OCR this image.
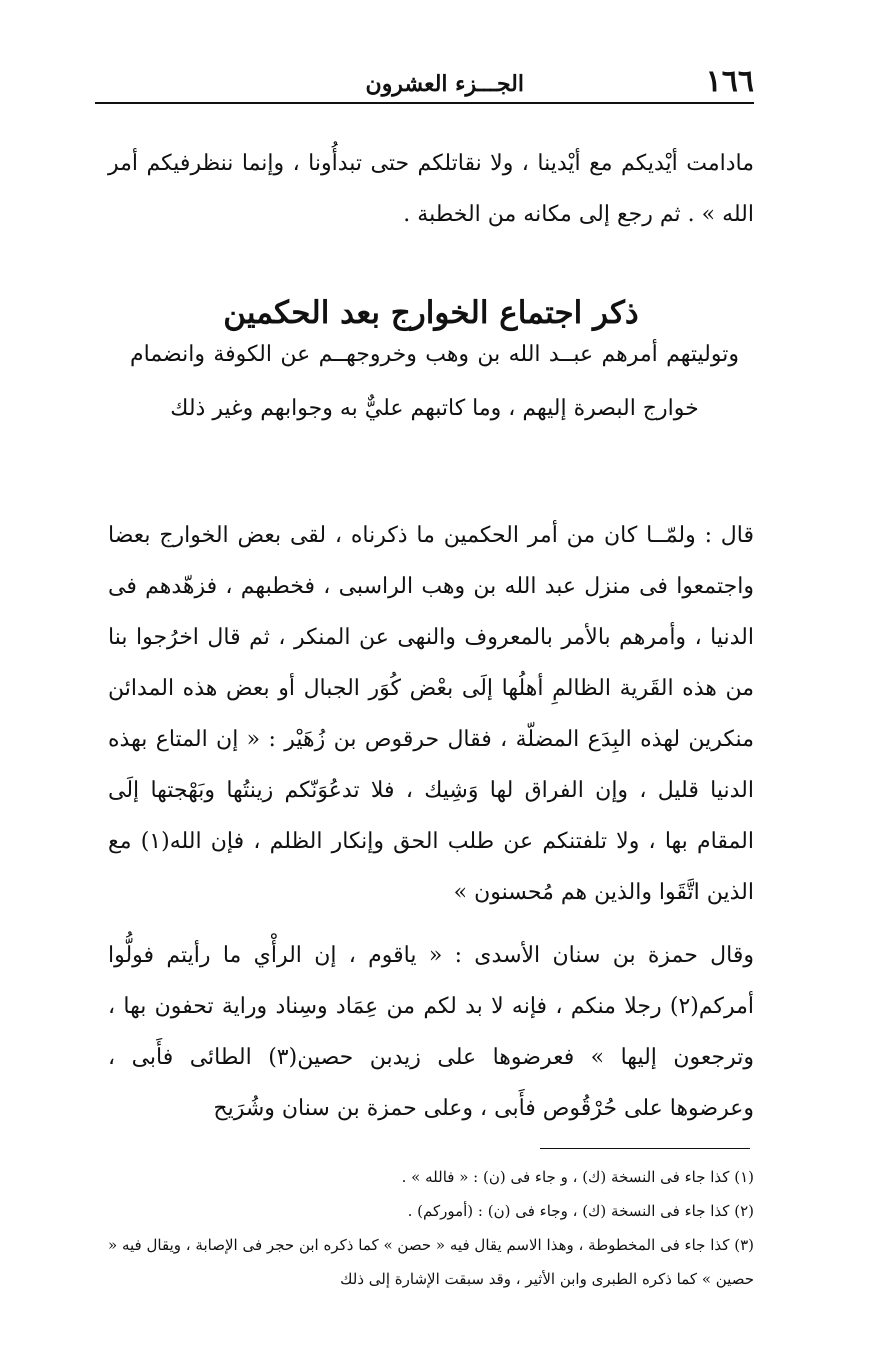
١٦٦
الجـــزء العشرون

مادامت أيْديكم مع أيْدينا ، ولا نقاتلكم حتى تبدأُونا ، وإنما ننظرفيكم أمر الله » . ثم رجع إلى مكانه من الخطبة .

ذكر اجتماع الخوارج بعد الحكمين

وتوليتهم أمرهم عبــد الله بن وهب وخروجهــم عن الكوفة وانضمام خوارج البصرة إليهم ، وما كاتبهم عليٌّ به وجوابهم وغير ذلك

قال : ولمّــا كان من أمر الحكمين ما ذكرناه ، لقى بعض الخوارج بعضا واجتمعوا فى منزل عبد الله بن وهب الراسبى ، فخطبهم ، فزهّدهم فى الدنيا ، وأمرهم بالأمر بالمعروف والنهى عن المنكر ، ثم قال اخرُجوا بنا من هذه القَرية الظالمِ أهلُها إلَى بعْض كُوَر الجبال أو بعض هذه المدائن منكرين لهذه البِدَع المضلّة ، فقال حرقوص بن زُهَيْر : « إن المتاع بهذه الدنيا قليل ، وإن الفراق لها وَشِيك ، فلا تدعُوَنّكم زينتُها وبَهْجتها إلَى المقام بها ، ولا تلفتنكم عن طلب الحق وإنكار الظلم ، فإن الله(١) مع الذين اتَّقَوا والذين هم مُحسنون »

وقال حمزة بن سنان الأسدى : « ياقوم ، إن الرأْي ما رأيتم فولُّوا أمركم(٢) رجلا منكم ، فإنه لا بد لكم من عِمَاد وسِناد وراية تحفون بها ، وترجعون إليها » فعرضوها على زيدبن حصين(٣) الطائى فأَبى ، وعرضوها على حُرْقُوص فأَبى ، وعلى حمزة بن سنان وشُرَيح

(١) كذا جاء فى النسخة (ك) ، و جاء فى (ن) : « فالله » .

(٢) كذا جاء فى النسخة (ك) ، وجاء فى (ن) : (أموركم) .

(٣) كذا جاء فى المخطوطة ، وهذا الاسم يقال فيه « حصن » كما ذكره ابن حجر فى الإصابة ، ويقال فيه « حصين » كما ذكره الطبرى وابن الأثير ، وقد سبقت الإشارة إلى ذلك
